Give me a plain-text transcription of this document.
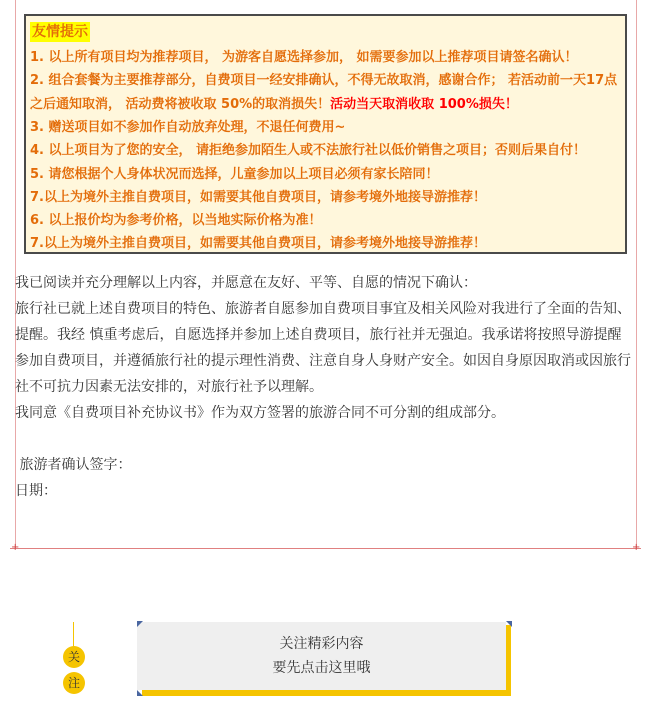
+	+
友情提示
1. 以上所有项目均为推荐项目， 为游客自愿选择参加， 如需要参加以上推荐项目请签名确认！
2. 组合套餐为主要推荐部分，自费项目一经安排确认，不得无故取消，感谢合作； 若活动前一天17点之后通知取消， 活动费将被收取 50%的取消损失！活动当天取消收取 100%损失！
3. 赠送项目如不参加作自动放弃处理，不退任何费用~
4. 以上项目为了您的安全， 请拒绝参加陌生人或不法旅行社以低价销售之项目；否则后果自付！
5. 请您根据个人身体状况而选择，儿童参加以上项目必须有家长陪同！
7.以上为境外主推自费项目，如需要其他自费项目，请参考境外地接导游推荐！
6. 以上报价均为参考价格，以当地实际价格为准！
7.以上为境外主推自费项目，如需要其他自费项目，请参考境外地接导游推荐！

我已阅读并充分理解以上内容，并愿意在友好、平等、自愿的情况下确认：

旅行社已就上述自费项目的特色、旅游者自愿参加自费项目事宜及相关风险对我进行了全面的告知、提醒。我经 慎重考虑后，自愿选择并参加上述自费项目，旅行社并无强迫。我承诺将按照导游提醒参加自费项目，并遵循旅行社的提示理性消费、注意自身人身财产安全。如因自身原因取消或因旅行社不可抗力因素无法安排的，对旅行社予以理解。

我同意《自费项目补充协议书》作为双方签署的旅游合同不可分割的组成部分。

旅游者确认签字：

日期：

关
注
关注精彩内容
要先点击这里哦
